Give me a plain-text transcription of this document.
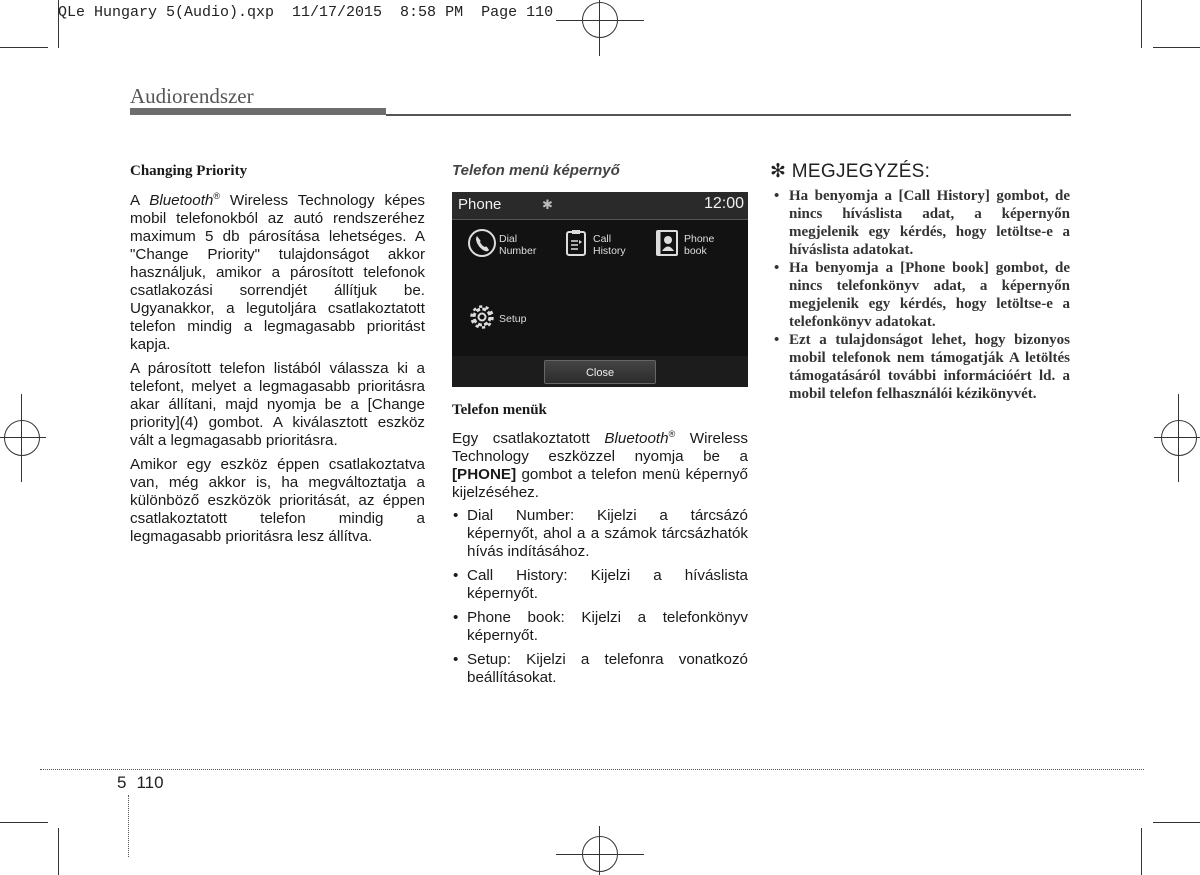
QLe Hungary 5(Audio).qxp  11/17/2015  8:58 PM  Page 110
Audiorendszer

Changing Priority

A Bluetooth® Wireless Technology képes mobil telefonokból az autó rendszeréhez maximum 5 db párosítása lehetséges. A "Change Priority" tulajdonságot akkor használjuk, amikor a párosított telefonok csatlakozási sorrendjét állítjuk be. Ugyanakkor, a legutoljára csatlakoztatott telefon mindig a legmagasabb prioritást kapja.

A párosított telefon listából válassza ki a telefont, melyet a legmagasabb prioritásra akar állítani, majd nyomja be a [Change priority](4) gombot. A kiválasztott eszköz vált a legmagasabb prioritásra.

Amikor egy eszköz éppen csatlakoztatva van, még akkor is, ha megváltoztatja a különböző eszközök prioritását, az éppen csatlakoztatott telefon mindig a legmagasabb prioritásra lesz állítva.

Telefon menü képernyő

Phone	✱	12:00
Dial
Number
Call
History
Phone
book
Setup
Close

Telefon menük

Egy csatlakoztatott Bluetooth® Wireless Technology eszközzel nyomja be a [PHONE] gombot a telefon menü képernyő kijelzéséhez.

• Dial Number: Kijelzi a tárcsázó képernyőt, ahol a a számok tárcsázhatók hívás indításához.
• Call History: Kijelzi a híváslista képernyőt.
• Phone book: Kijelzi a telefonkönyv képernyőt.
• Setup: Kijelzi a telefonra vonatkozó beállításokat.
✻ MEGJEGYZÉS:
• Ha benyomja a [Call History] gombot, de nincs híváslista adat, a képernyőn megjelenik egy kérdés, hogy letöltse-e a híváslista adatokat.
• Ha benyomja a [Phone book] gombot, de nincs telefonkönyv adat, a képernyőn megjelenik egy kérdés, hogy letöltse-e a telefonkönyv adatokat.
• Ezt a tulajdonságot lehet, hogy bizonyos mobil telefonok nem támogatják A letöltés támogatásáról további információért ld. a mobil telefon felhasználói kézikönyvét.
5 110
